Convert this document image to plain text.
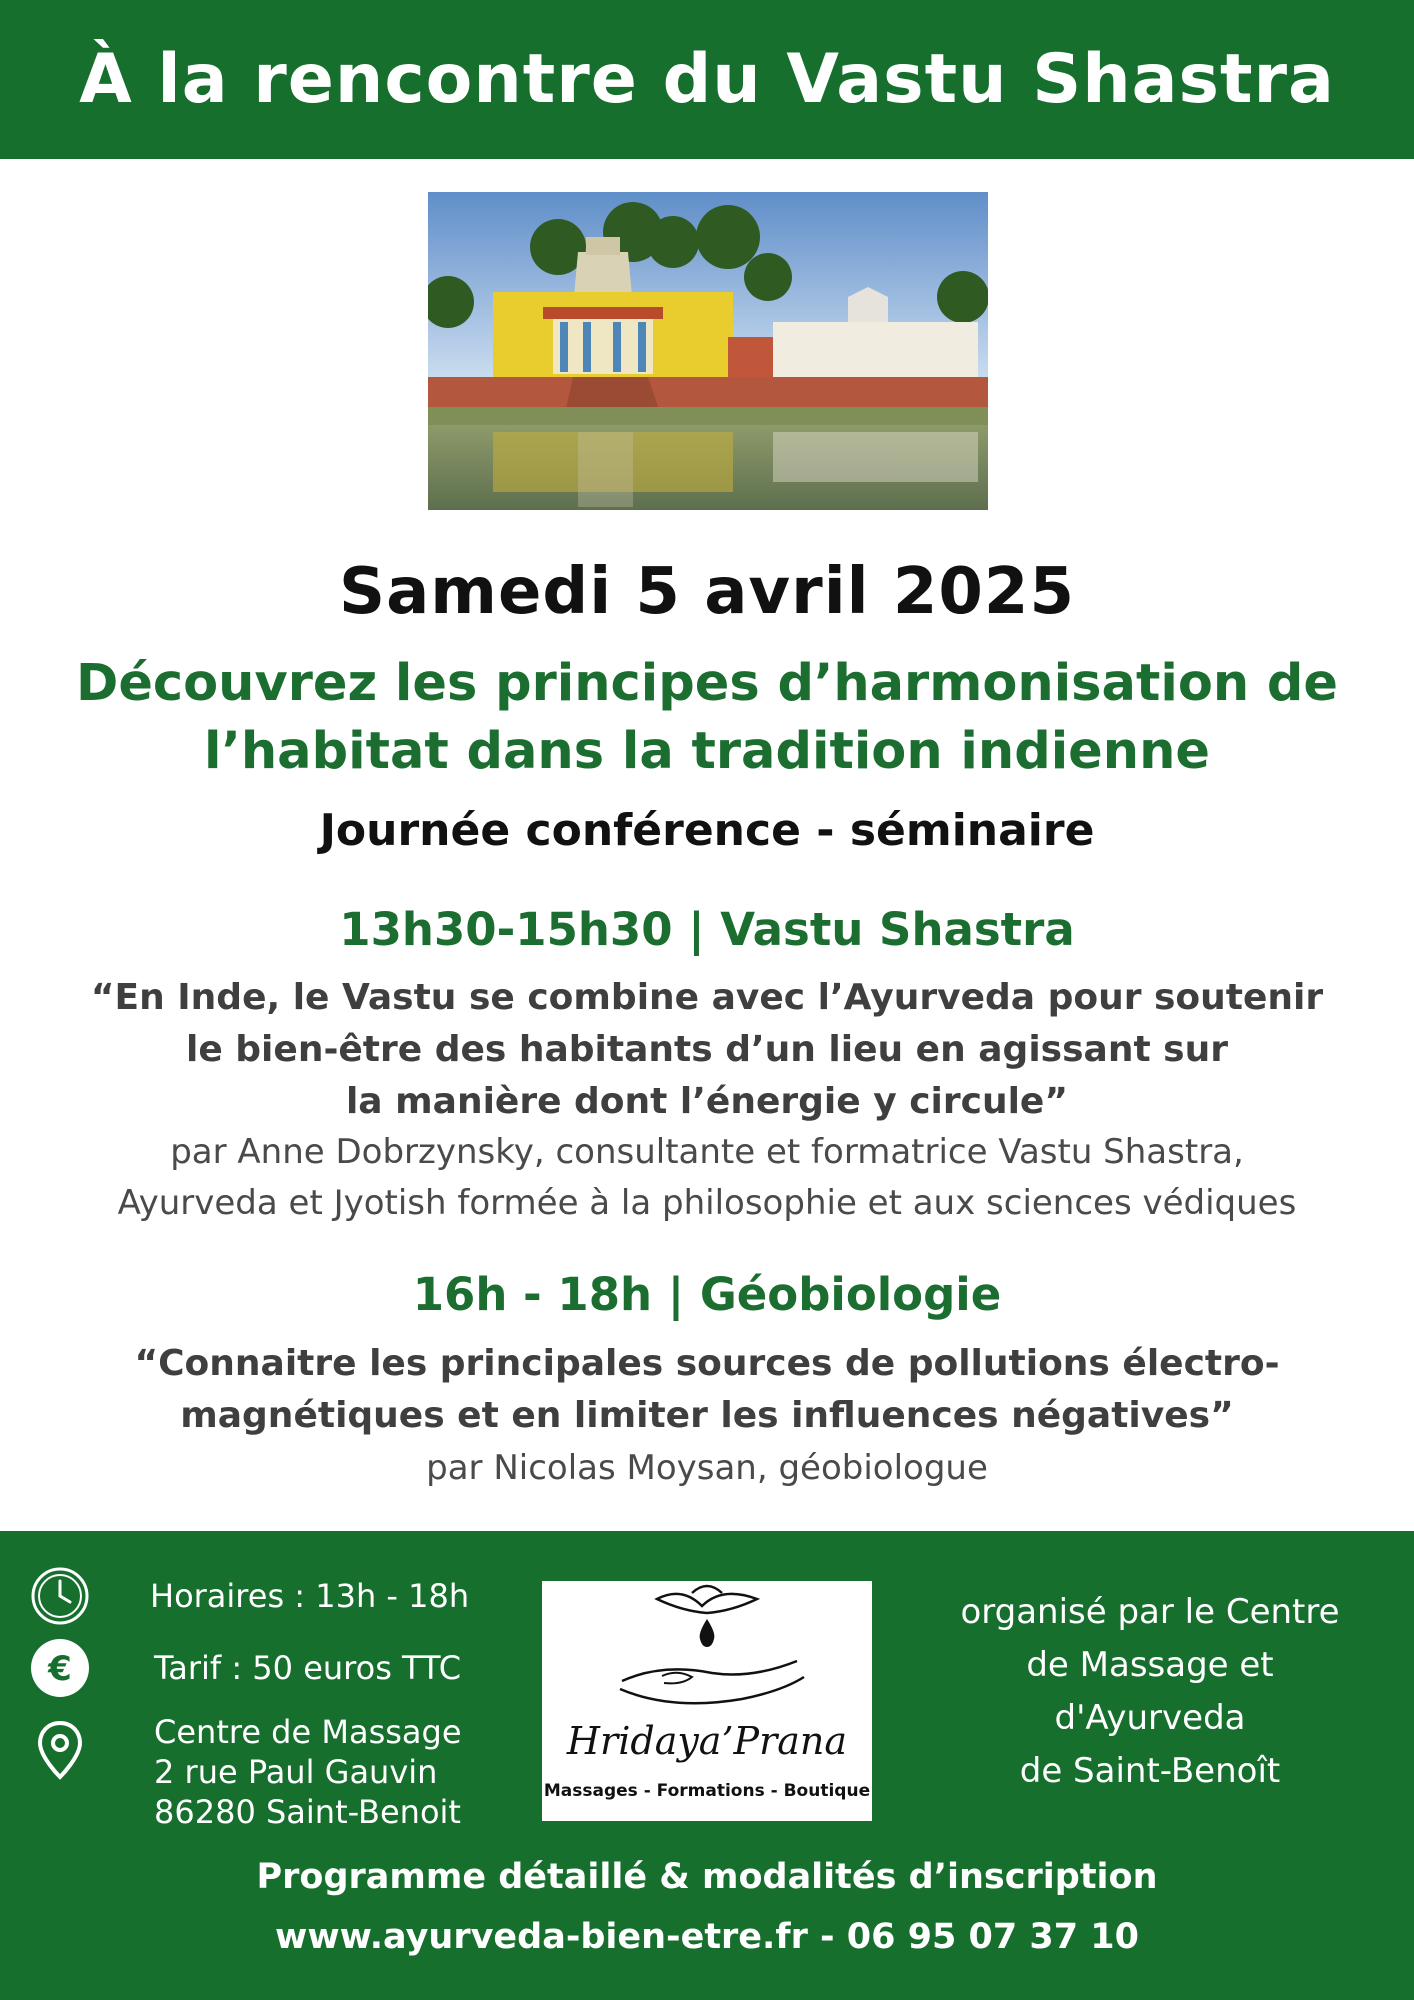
À la rencontre du Vastu Shastra
Samedi 5 avril 2025
Découvrez les principes d’harmonisation de
l’habitat dans la tradition indienne
Journée conférence - séminaire
13h30-15h30 | Vastu Shastra
“En Inde, le Vastu se combine avec l’Ayurveda pour soutenir
le bien-être des habitants d’un lieu en agissant sur
la manière dont l’énergie y circule”
par Anne Dobrzynsky, consultante et formatrice Vastu Shastra,
Ayurveda et Jyotish formée à la philosophie et aux sciences védiques
16h - 18h | Géobiologie
“Connaitre les principales sources de pollutions électro-
magnétiques et en limiter les influences négatives”
par Nicolas Moysan, géobiologue
Horaires : 13h - 18h
€	Tarif : 50 euros TTC
Centre de Massage
2 rue Paul Gauvin
86280 Saint-Benoit
Hridaya’Prana
Massages - Formations - Boutique
organisé par le Centre
de Massage et
d'Ayurveda
de Saint-Benoît
Programme détaillé & modalités d’inscription
www.ayurveda-bien-etre.fr - 06 95 07 37 10
